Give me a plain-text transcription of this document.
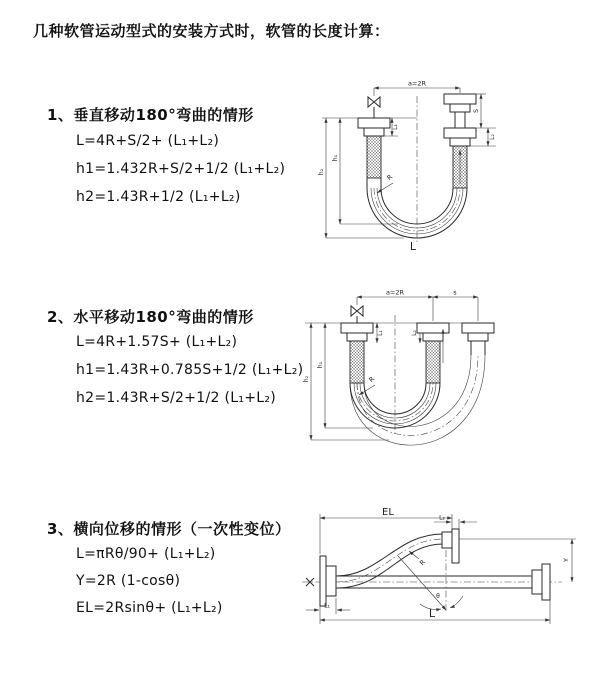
几种软管运动型式的安装方式时，软管的长度计算：
1、垂直移动180°弯曲的情形
L=4R+S/2+ (L₁+L₂)
h1=1.432R+S/2+1/2 (L₁+L₂)
h2=1.43R+1/2 (L₁+L₂)
2、水平移动180°弯曲的情形
L=4R+1.57S+ (L₁+L₂)
h1=1.43R+0.785S+1/2 (L₁+L₂)
h2=1.43R+S/2+1/2 (L₁+L₂)
3、横向位移的情形（一次性变位）
L=πRθ/90+ (L₁+L₂)
Y=2R (1-cosθ)
EL=2Rsinθ+ (L₁+L₂)
a=2R
h₁
h₂
L₁
S
L₂
R
L
a=2R	s
h₁
h₂
L₁	L₂
R
EL	L₂
Y
R
θ
L₁
L
